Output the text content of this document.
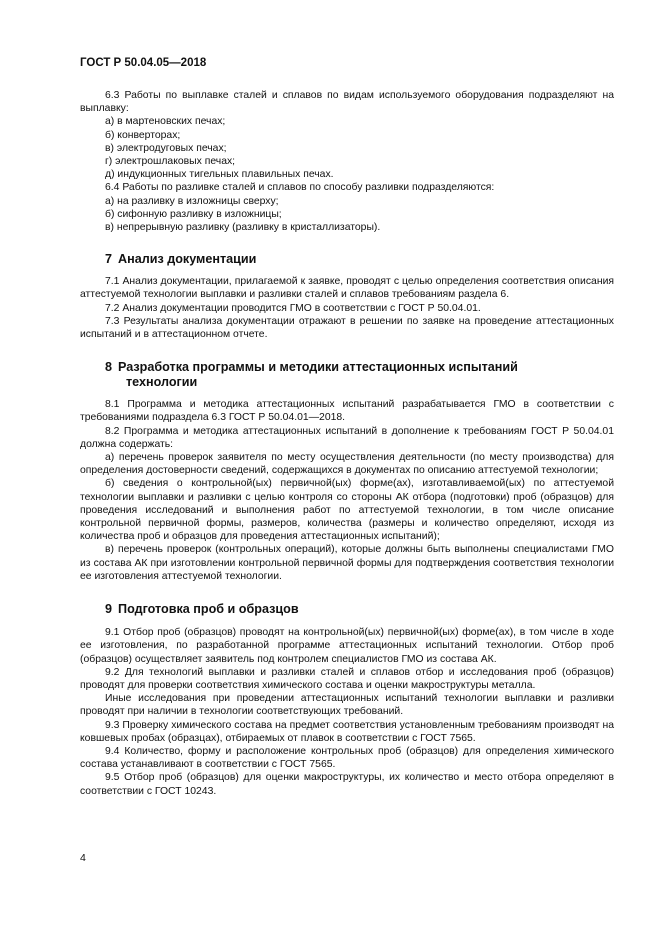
ГОСТ Р 50.04.05—2018

6.3 Работы по выплавке сталей и сплавов по видам используемого оборудования подразделяют на выплавку:

а) в мартеновских печах;
б) конверторах;
в) электродуговых печах;
г) электрошлаковых печах;
д) индукционных тигельных плавильных печах.

6.4 Работы по разливке сталей и сплавов по способу разливки подразделяются:

а) на разливку в изложницы сверху;
б) сифонную разливку в изложницы;
в) непрерывную разливку (разливку в кристаллизаторы).
7 Анализ документации

7.1 Анализ документации, прилагаемой к заявке, проводят с целью определения соответствия описания аттестуемой технологии выплавки и разливки сталей и сплавов требованиям раздела 6.

7.2 Анализ документации проводится ГМО в соответствии с ГОСТ Р 50.04.01.

7.3 Результаты анализа документации отражают в решении по заявке на проведение аттестационных испытаний и в аттестационном отчете.

8 Разработка программы и методики аттестационных испытаний
технологии

8.1 Программа и методика аттестационных испытаний разрабатывается ГМО в соответствии с требованиями подраздела 6.3 ГОСТ Р 50.04.01—2018.

8.2 Программа и методика аттестационных испытаний в дополнение к требованиям ГОСТ Р 50.04.01 должна содержать:

а) перечень проверок заявителя по месту осуществления деятельности (по месту производства) для определения достоверности сведений, содержащихся в документах по описанию аттестуемой технологии;

б) сведения о контрольной(ых) первичной(ых) форме(ах), изготавливаемой(ых) по аттестуемой технологии выплавки и разливки с целью контроля со стороны АК отбора (подготовки) проб (образцов) для проведения исследований и выполнения работ по аттестуемой технологии, в том числе описание контрольной первичной формы, размеров, количества (размеры и количество определяют, исходя из количества проб и образцов для проведения аттестационных испытаний);

в) перечень проверок (контрольных операций), которые должны быть выполнены специалистами ГМО из состава АК при изготовлении контрольной первичной формы для подтверждения соответствия технологии ее изготовления аттестуемой технологии.

9 Подготовка проб и образцов

9.1 Отбор проб (образцов) проводят на контрольной(ых) первичной(ых) форме(ах), в том числе в ходе ее изготовления, по разработанной программе аттестационных испытаний технологии. Отбор проб (образцов) осуществляет заявитель под контролем специалистов ГМО из состава АК.

9.2 Для технологий выплавки и разливки сталей и сплавов отбор и исследования проб (образцов) проводят для проверки соответствия химического состава и оценки макроструктуры металла.

Иные исследования при проведении аттестационных испытаний технологии выплавки и разливки проводят при наличии в технологии соответствующих требований.

9.3 Проверку химического состава на предмет соответствия установленным требованиям производят на ковшевых пробах (образцах), отбираемых от плавок в соответствии с ГОСТ 7565.

9.4 Количество, форму и расположение контрольных проб (образцов) для определения химического состава устанавливают в соответствии с ГОСТ 7565.

9.5 Отбор проб (образцов) для оценки макроструктуры, их количество и место отбора определяют в соответствии с ГОСТ 10243.

4
